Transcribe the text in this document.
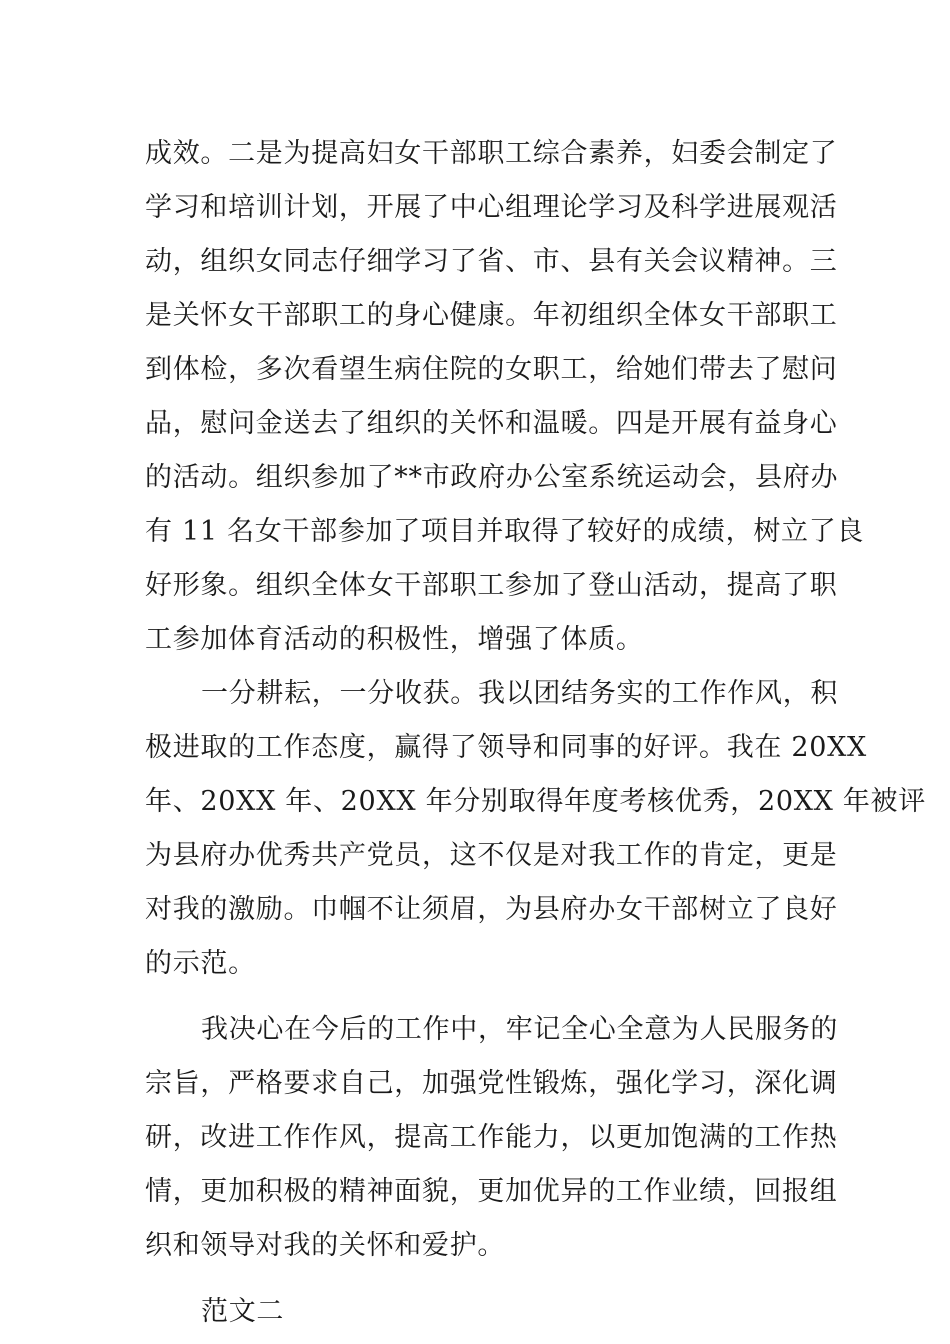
成效。二是为提高妇女干部职工综合素养，妇委会制定了
学习和培训计划，开展了中心组理论学习及科学进展观活
动，组织女同志仔细学习了省、市、县有关会议精神。三
是关怀女干部职工的身心健康。年初组织全体女干部职工
到体检，多次看望生病住院的女职工，给她们带去了慰问
品，慰问金送去了组织的关怀和温暖。四是开展有益身心
的活动。组织参加了**市政府办公室系统运动会，县府办
有 11 名女干部参加了项目并取得了较好的成绩，树立了良
好形象。组织全体女干部职工参加了登山活动，提高了职
工参加体育活动的积极性，增强了体质。
一分耕耘，一分收获。我以团结务实的工作作风，积
极进取的工作态度，赢得了领导和同事的好评。我在 20XX
年、20XX 年、20XX 年分别取得年度考核优秀，20XX 年被评
为县府办优秀共产党员，这不仅是对我工作的肯定，更是
对我的激励。巾帼不让须眉，为县府办女干部树立了良好
的示范。
我决心在今后的工作中，牢记全心全意为人民服务的
宗旨，严格要求自己，加强党性锻炼，强化学习，深化调
研，改进工作作风，提高工作能力，以更加饱满的工作热
情，更加积极的精神面貌，更加优异的工作业绩，回报组
织和领导对我的关怀和爱护。
范文二
